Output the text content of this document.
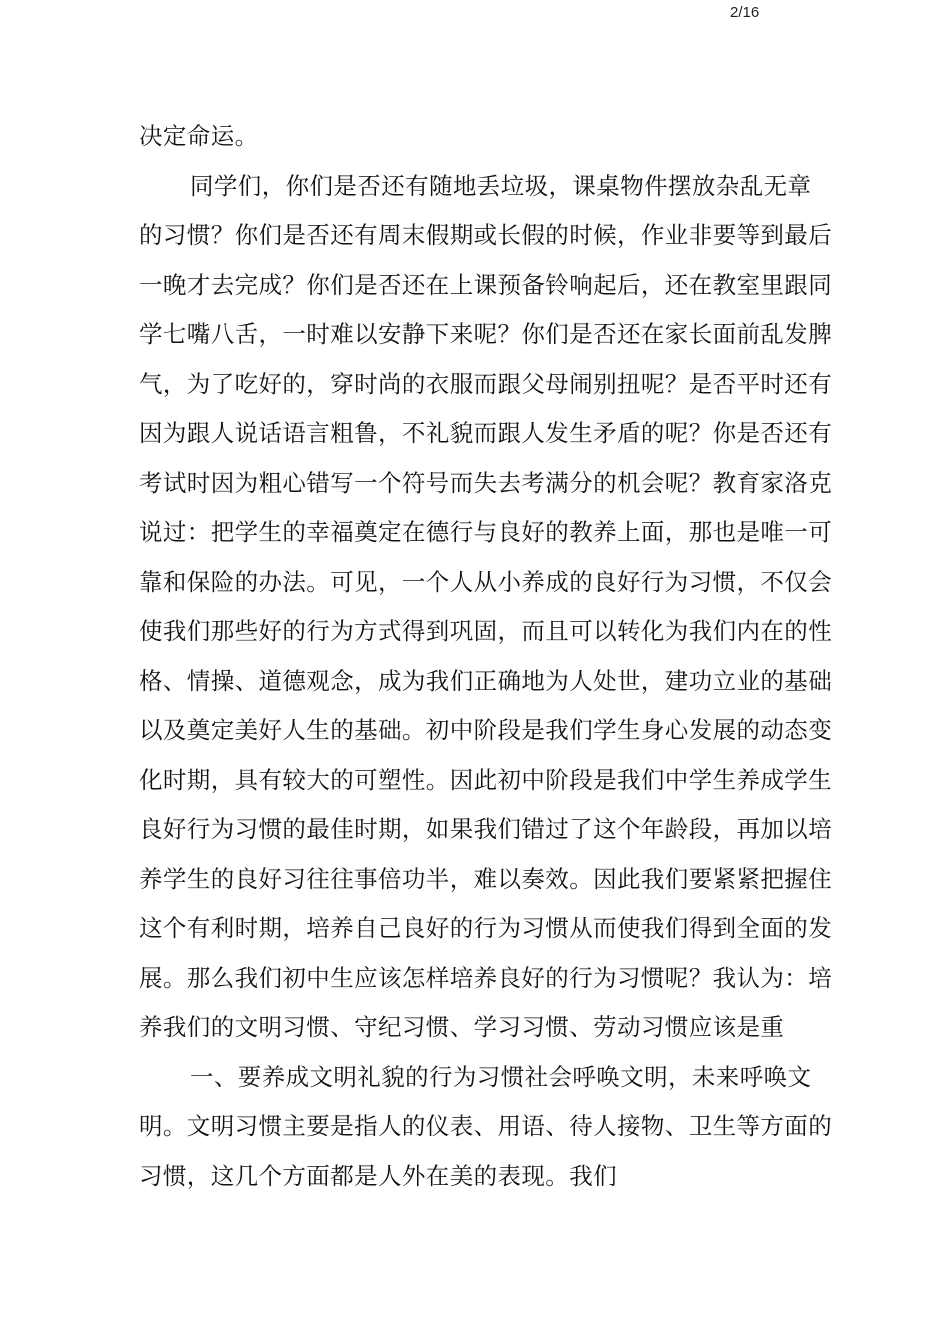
2/16
决定命运。
同学们，你们是否还有随地丢垃圾，课桌物件摆放杂乱无章
的习惯？你们是否还有周末假期或长假的时候，作业非要等到最后
一晚才去完成？你们是否还在上课预备铃响起后，还在教室里跟同
学七嘴八舌，一时难以安静下来呢？你们是否还在家长面前乱发脾
气，为了吃好的，穿时尚的衣服而跟父母闹别扭呢？是否平时还有
因为跟人说话语言粗鲁，不礼貌而跟人发生矛盾的呢？你是否还有
考试时因为粗心错写一个符号而失去考满分的机会呢？教育家洛克
说过：把学生的幸福奠定在德行与良好的教养上面，那也是唯一可
靠和保险的办法。可见，一个人从小养成的良好行为习惯，不仅会
使我们那些好的行为方式得到巩固，而且可以转化为我们内在的性
格、情操、道德观念，成为我们正确地为人处世，建功立业的基础
以及奠定美好人生的基础。初中阶段是我们学生身心发展的动态变
化时期，具有较大的可塑性。因此初中阶段是我们中学生养成学生
良好行为习惯的最佳时期，如果我们错过了这个年龄段，再加以培
养学生的良好习往往事倍功半，难以奏效。因此我们要紧紧把握住
这个有利时期，培养自己良好的行为习惯从而使我们得到全面的发
展。那么我们初中生应该怎样培养良好的行为习惯呢？我认为：培
养我们的文明习惯、守纪习惯、学习习惯、劳动习惯应该是重
一、要养成文明礼貌的行为习惯社会呼唤文明，未来呼唤文
明。文明习惯主要是指人的仪表、用语、待人接物、卫生等方面的
习惯，这几个方面都是人外在美的表现。我们
